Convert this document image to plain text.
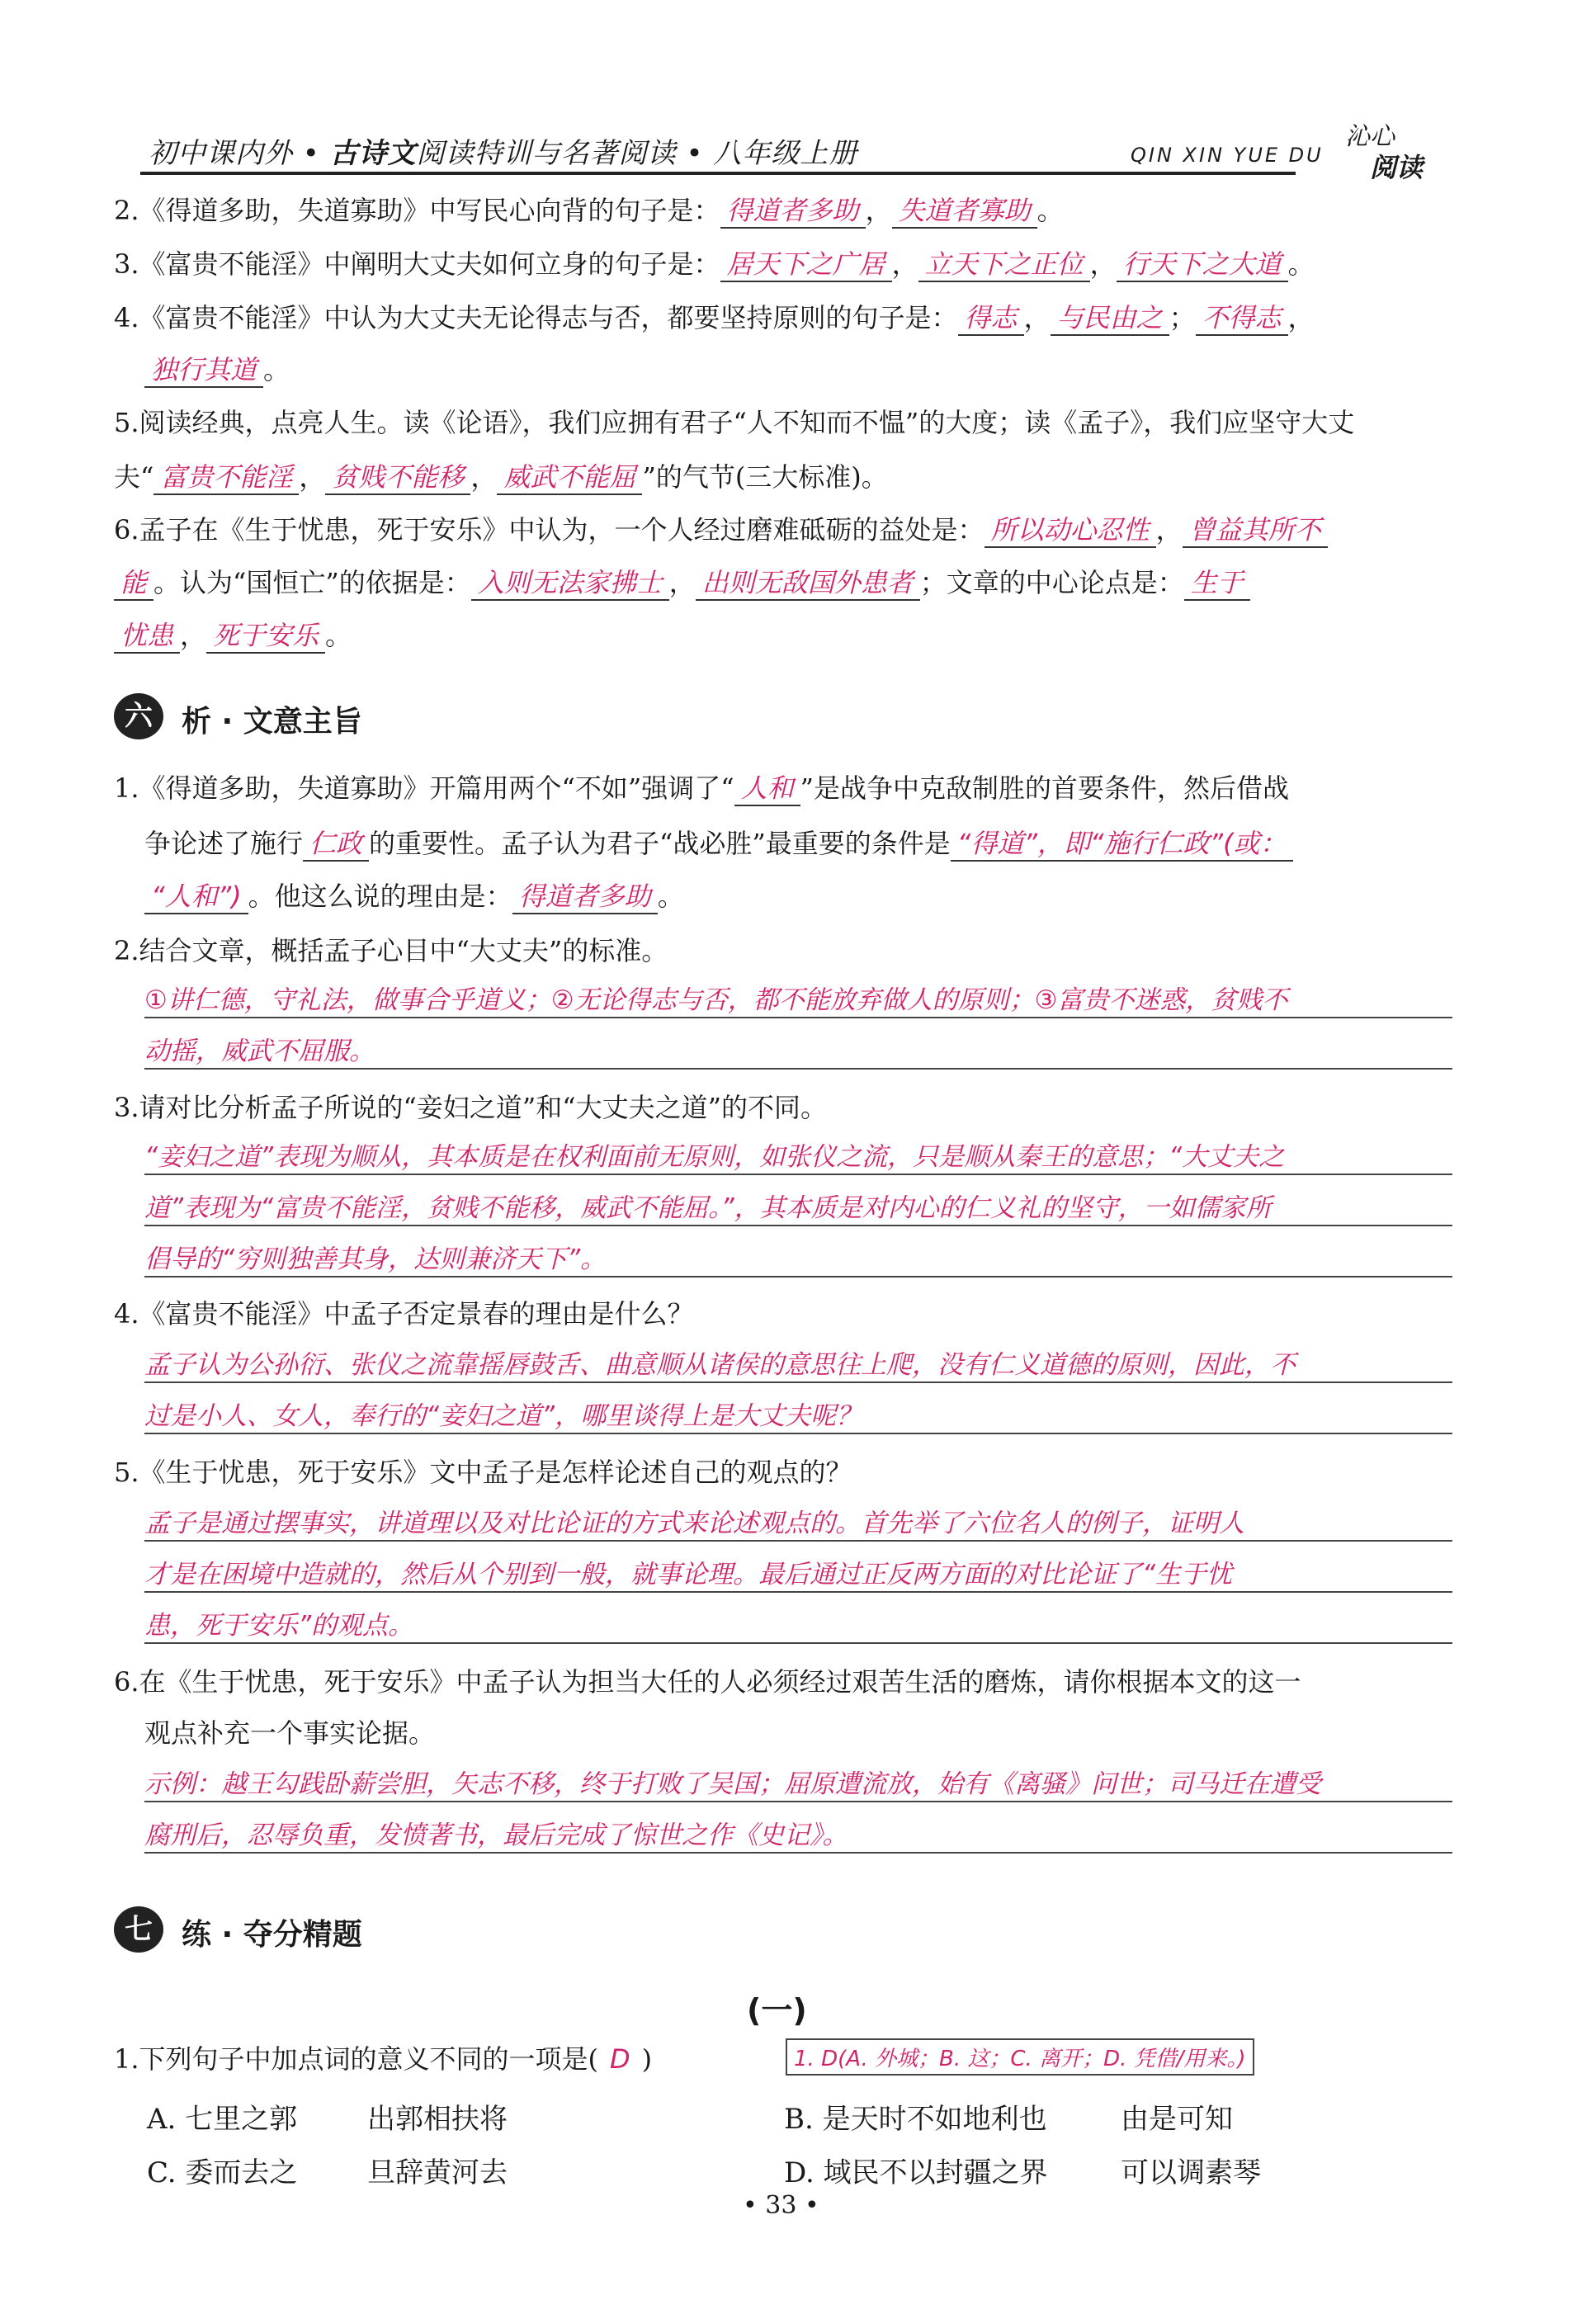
初中课内外 • 古诗文阅读特训与名著阅读 • 八年级上册	QIN XIN YUE DU
沁心
阅读
2.《得道多助，失道寡助》中写民心向背的句子是： 得道者多助 ， 失道者寡助 。
3.《富贵不能淫》中阐明大丈夫如何立身的句子是： 居天下之广居 ， 立天下之正位 ， 行天下之大道 。
4.《富贵不能淫》中认为大丈夫无论得志与否，都要坚持原则的句子是： 得志 ， 与民由之 ； 不得志 ，
独行其道 。
5.阅读经典，点亮人生。读《论语》，我们应拥有君子“人不知而不愠”的大度；读《孟子》，我们应坚守大丈
夫“ 富贵不能淫 ， 贫贱不能移 ， 威武不能屈 ”的气节(三大标准)。
6.孟子在《生于忧患，死于安乐》中认为，一个人经过磨难砥砺的益处是： 所以动心忍性 ， 曾益其所不
能 。认为“国恒亡”的依据是： 入则无法家拂士 ， 出则无敌国外患者 ；文章的中心论点是： 生于
忧患 ， 死于安乐 。
六 析 · 文意主旨
1.《得道多助，失道寡助》开篇用两个“不如”强调了“ 人和 ”是战争中克敌制胜的首要条件，然后借战
争论述了施行 仁政 的重要性。孟子认为君子“战必胜”最重要的条件是 “得道”，即“施行仁政”(或：
“人和”) 。他这么说的理由是： 得道者多助 。
2.结合文章，概括孟子心目中“大丈夫”的标准。
①讲仁德，守礼法，做事合乎道义；②无论得志与否，都不能放弃做人的原则；③富贵不迷惑，贫贱不
动摇，威武不屈服。
3.请对比分析孟子所说的“妾妇之道”和“大丈夫之道”的不同。
“妾妇之道”表现为顺从，其本质是在权利面前无原则，如张仪之流，只是顺从秦王的意思；“大丈夫之
道”表现为“富贵不能淫，贫贱不能移，威武不能屈。”，其本质是对内心的仁义礼的坚守，一如儒家所
倡导的“穷则独善其身，达则兼济天下”。
4.《富贵不能淫》中孟子否定景春的理由是什么？
孟子认为公孙衍、张仪之流靠摇唇鼓舌、曲意顺从诸侯的意思往上爬，没有仁义道德的原则，因此，不
过是小人、女人，奉行的“妾妇之道”，哪里谈得上是大丈夫呢？
5.《生于忧患，死于安乐》文中孟子是怎样论述自己的观点的？
孟子是通过摆事实，讲道理以及对比论证的方式来论述观点的。首先举了六位名人的例子，证明人
才是在困境中造就的，然后从个别到一般，就事论理。最后通过正反两方面的对比论证了“生于忧
患，死于安乐”的观点。
6.在《生于忧患，死于安乐》中孟子认为担当大任的人必须经过艰苦生活的磨炼，请你根据本文的这一
观点补充一个事实论据。
示例：越王勾践卧薪尝胆，矢志不移，终于打败了吴国；屈原遭流放，始有《离骚》问世；司马迁在遭受
腐刑后，忍辱负重，发愤著书，最后完成了惊世之作《史记》。
七 练 · 夺分精题
(一)
1.下列句子中加点词的意义不同的一项是( D )	1. D(A. 外城；B. 这；C. 离开；D. 凭借/用来。)
A. 七里之郭 出郭相扶将	B. 是天时不如地利也	由是可知
C. 委而去之 旦辞黄河去	D. 域民不以封疆之界	可以调素琴
• 33 •
